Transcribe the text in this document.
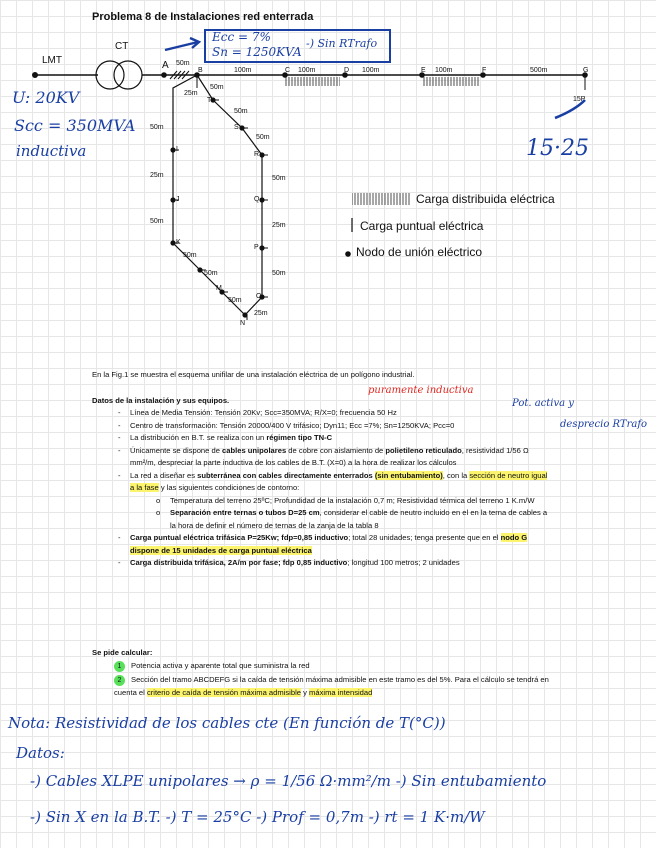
Problema 8 de Instalaciones red enterrada
LMT
CT
A 50m
B	100m	C 100m	D 100m	E 100m	F	500m	G
15P
25m
50m
T
50m
S
50m
R
50m
Q
25m
P
50m
O
25m
N
50m
I
25m
J
50m
K
50m
50m
M
50m
Carga distribuida eléctrica
Carga puntual eléctrica
Nodo de unión eléctrico
Ecc = 7%
Sn = 1250KVA
-) Sin RTrafo
U: 20KV
Scc = 350MVA
inductiva	15·25
puramente inductiva
Pot. activa y
desprecio RTrafo
En la Fig.1 se muestra el esquema unifilar de una instalación eléctrica de un polígono industrial.
Datos de la instalación y sus equipos.
- Línea de Media Tensión: Tensión 20Kv; Scc=350MVA; R/X=0; frecuencia 50 Hz
- Centro de transformación: Tensión 20000/400 V trifásico; Dyn11; Ecc =7%; Sn=1250KVA; Pcc=0
- La distribución en B.T. se realiza con un régimen tipo TN-C
- Únicamente se dispone de cables unipolares de cobre con aislamiento de polietileno reticulado, resistividad 1/56 Ω mm²/m, despreciar la parte inductiva de los cables de B.T. (X=0) a la hora de realizar los cálculos
- La red a diseñar es subterránea con cables directamente enterrados (sin entubamiento), con la sección de neutro igual a la fase y las siguientes condiciones de contorno:
o Temperatura del terreno 25ºC; Profundidad de la instalación 0,7 m; Resistividad térmica del terreno 1 K.m/W
o Separación entre ternas o tubos D=25 cm, considerar el cable de neutro incluido en el en la terna de cables a la hora de definir el número de ternas de la zanja de la tabla 8
- Carga puntual eléctrica trifásica P=25Kw; fdp=0,85 inductivo; total 28 unidades; tenga presente que en el nodo G dispone de 15 unidades de carga puntual eléctrica
- Carga distribuida trifásica, 2A/m por fase; fdp 0,85 inductivo; longitud 100 metros; 2 unidades
Se pide calcular:
1 Potencia activa y aparente total que suministra la red
2 Sección del tramo ABCDEFG si la caída de tensión máxima admisible en este tramo es del 5%. Para el cálculo se tendrá en cuenta el criterio de caída de tensión máxima admisible y máxima intensidad
Nota: Resistividad de los cables cte (En función de T(°C))
Datos:
-) Cables XLPE unipolares → ρ = 1/56 Ω·mm²/m -) Sin entubamiento
-) Sin X en la B.T. -) T = 25°C -) Prof = 0,7m -) rt = 1 K·m/W
